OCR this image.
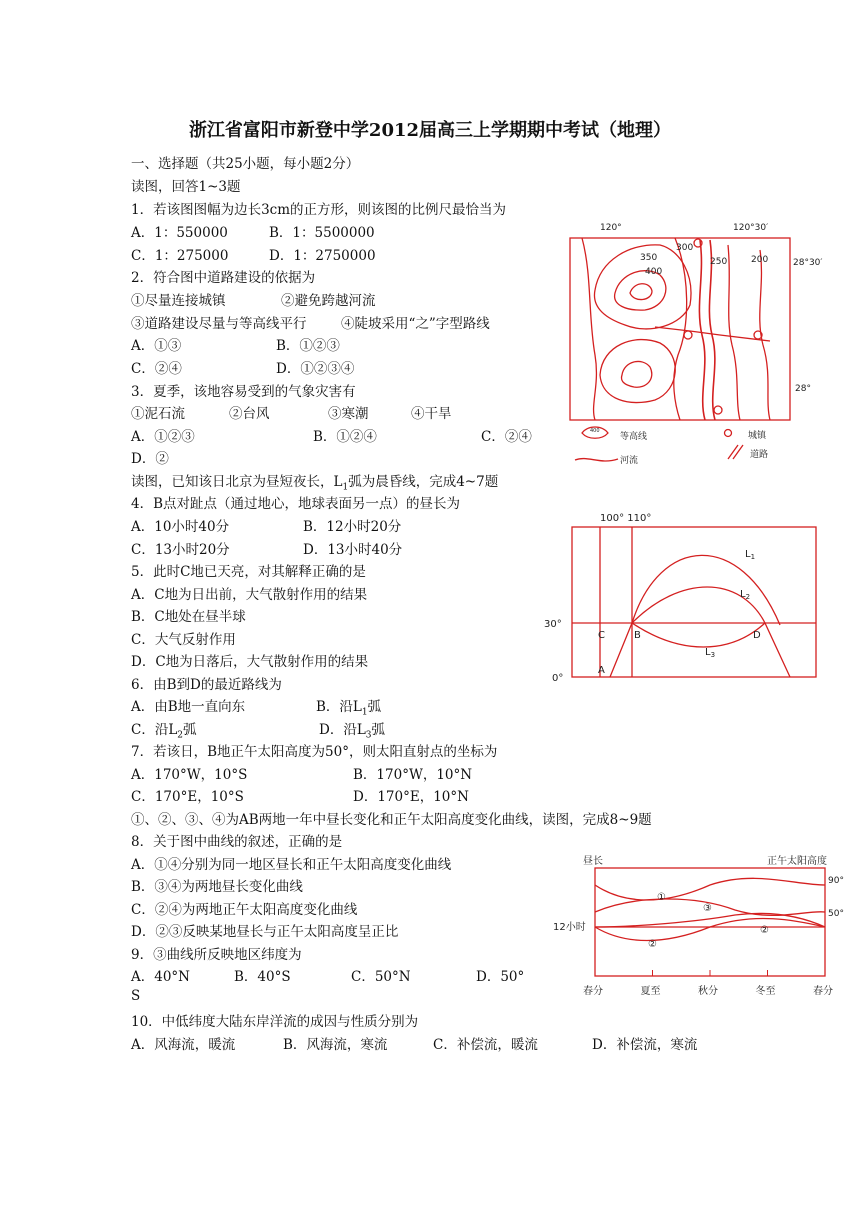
浙江省富阳市新登中学2012届高三上学期期中考试（地理）
一、选择题（共25小题，每小题2分）
读图，回答1~3题
1．若该图图幅为边长3cm的正方形，则该图的比例尺最恰当为
A．1：550000	B．1：5500000
C．1：275000	D．1：2750000
2．符合图中道路建设的依据为
①尽量连接城镇	②避免跨越河流
③道路建设尽量与等高线平行	④陡坡采用“之”字型路线
A．①③	B．①②③
C．②④	D．①②③④
3．夏季，该地容易受到的气象灾害有
①泥石流	②台风	③寒潮	④干旱
A．①②③	B．①②④	C．②④
D．②
读图，已知该日北京为昼短夜长，$L_1$弧为晨昏线，完成4~7题
4．B点对趾点（通过地心，地球表面另一点）的昼长为
A．10小时40分	B．12小时20分
C．13小时20分	D．13小时40分
5．此时C地已天亮，对其解释正确的是
A．C地为日出前，大气散射作用的结果
B．C地处在昼半球
C．大气反射作用
D．C地为日落后，大气散射作用的结果
6．由B到D的最近路线为
A．由B地一直向东	B．沿$L_1$弧
C．沿$L_2$弧	D．沿$L_3$弧
7．若该日，B地正午太阳高度为50°，则太阳直射点的坐标为
A．170°W，10°S	B．170°W，10°N
C．170°E，10°S	D．170°E，10°N
①、②、③、④为AB两地一年中昼长变化和正午太阳高度变化曲线，读图，完成8~9题
8．关于图中曲线的叙述，正确的是
A．①④分别为同一地区昼长和正午太阳高度变化曲线
B．③④为两地昼长变化曲线
C．②④为两地正午太阳高度变化曲线
D．②③反映某地昼长与正午太阳高度呈正比
9．③曲线所反映地区纬度为
A．40°N	B．40°S	C．50°N	D．50°
S
10．中低纬度大陆东岸洋流的成因与性质分别为
A．风海流，暖流	B．风海流，寒流	C．补偿流，暖流	D．补偿流，寒流
120°	120°30′
28°30′
28°
350
400
300
250	200
400
等高线
河流
城镇
道路
100° 110°
30°
0°
A
B
C	D
$L_1$
$L_2$
$L_3$
昼长	正午太阳高度
90°
50°
12小时
①
③
②
②
春分	夏至	秋分	冬至	春分
